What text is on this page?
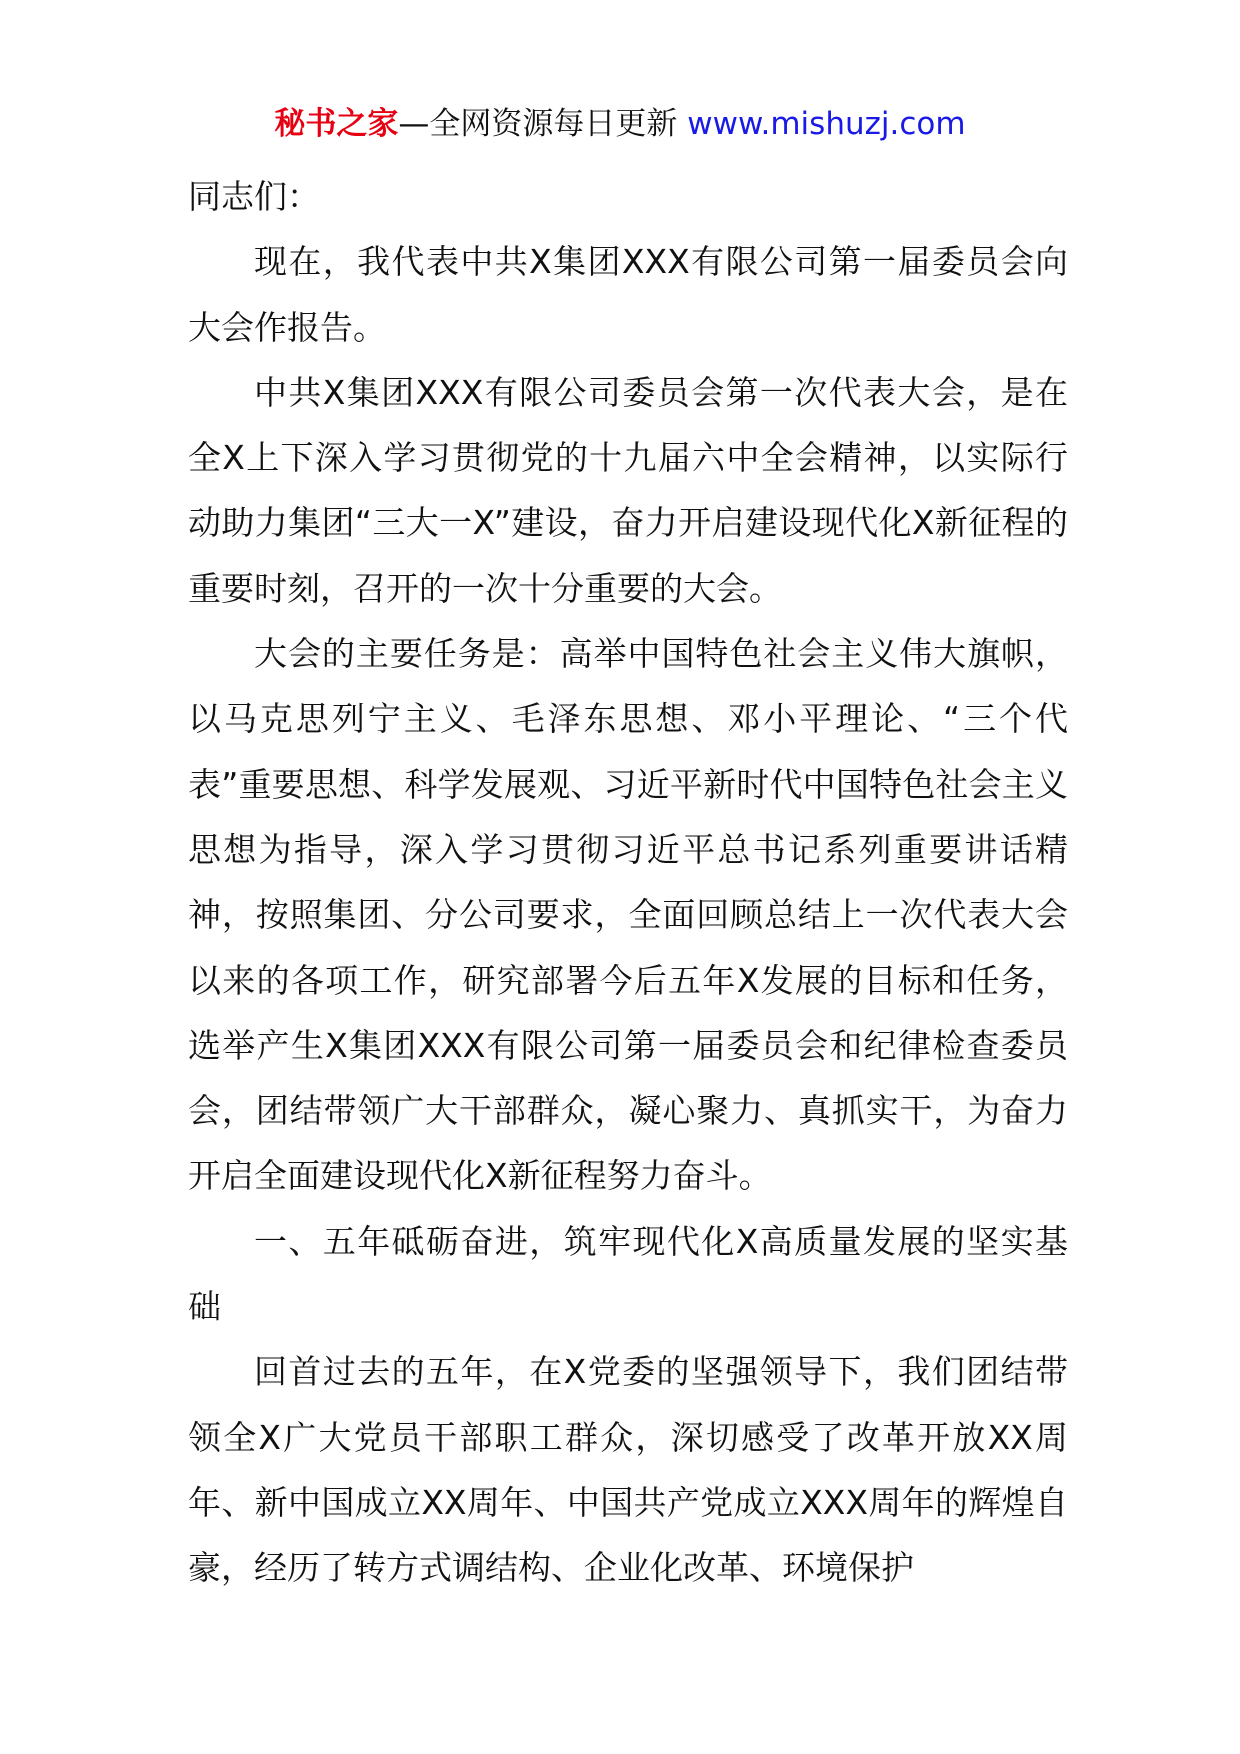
秘书之家—全网资源每日更新 www.mishuzj.com

同志们：

现在，我代表中共X集团XXX有限公司第一届委员会向大会作报告。

中共X集团XXX有限公司委员会第一次代表大会，是在全X上下深入学习贯彻党的十九届六中全会精神，以实际行动助力集团“三大一X”建设，奋力开启建设现代化X新征程的重要时刻，召开的一次十分重要的大会。

大会的主要任务是：高举中国特色社会主义伟大旗帜，以马克思列宁主义、毛泽东思想、邓小平理论、“三个代表”重要思想、科学发展观、习近平新时代中国特色社会主义思想为指导，深入学习贯彻习近平总书记系列重要讲话精神，按照集团、分公司要求，全面回顾总结上一次代表大会以来的各项工作，研究部署今后五年X发展的目标和任务，选举产生X集团XXX有限公司第一届委员会和纪律检查委员会，团结带领广大干部群众，凝心聚力、真抓实干，为奋力开启全面建设现代化X新征程努力奋斗。

一、五年砥砺奋进，筑牢现代化X高质量发展的坚实基础

回首过去的五年，在X党委的坚强领导下，我们团结带领全X广大党员干部职工群众，深切感受了改革开放XX周年、新中国成立XX周年、中国共产党成立XXX周年的辉煌自豪，经历了转方式调结构、企业化改革、环境保护
